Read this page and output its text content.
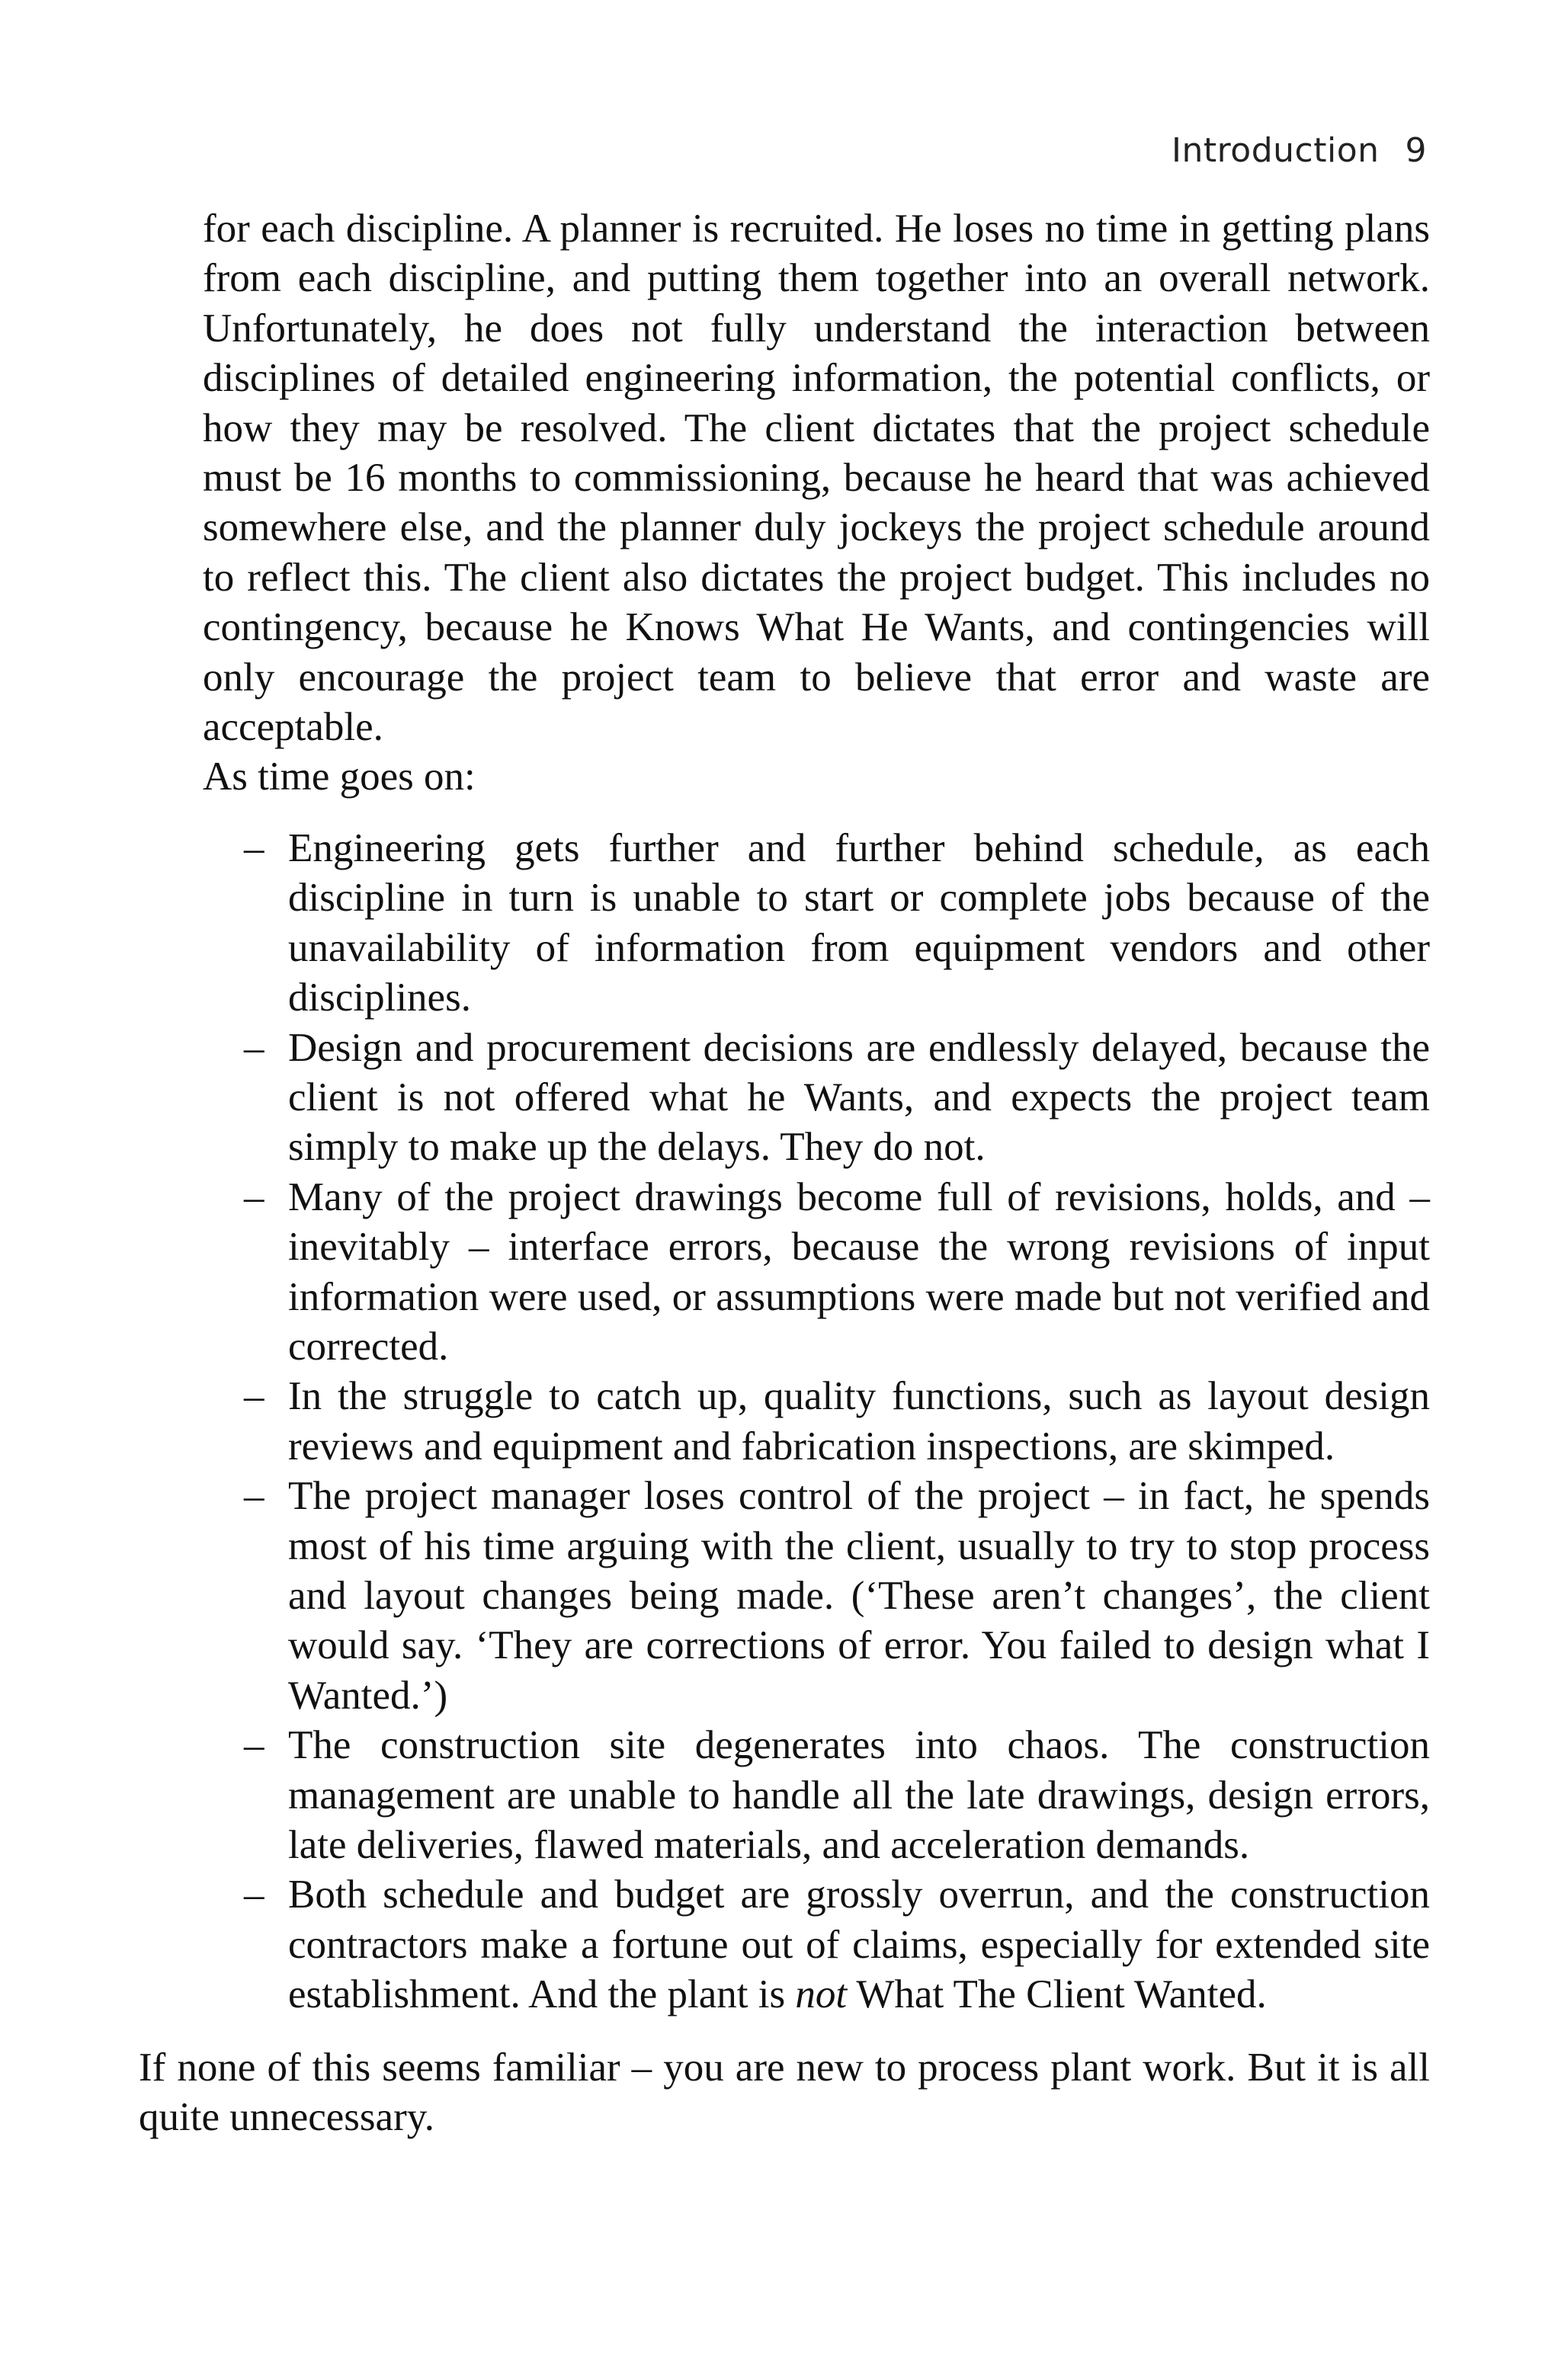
Introduction 9

for each discipline. A planner is recruited. He loses no time in getting plans from each discipline, and putting them together into an overall network. Unfortunately, he does not fully understand the interaction between disciplines of detailed engineering information, the potential conflicts, or how they may be resolved. The client dictates that the project schedule must be 16 months to commissioning, because he heard that was achieved somewhere else, and the planner duly jockeys the project schedule around to reflect this. The client also dictates the project budget. This includes no contingency, because he Knows What He Wants, and contingencies will only encourage the project team to believe that error and waste are acceptable.

As time goes on:

– Engineering gets further and further behind schedule, as each discipline in turn is unable to start or complete jobs because of the unavailability of information from equipment vendors and other disciplines.
– Design and procurement decisions are endlessly delayed, because the client is not offered what he Wants, and expects the project team simply to make up the delays. They do not.
– Many of the project drawings become full of revisions, holds, and – inevitably – interface errors, because the wrong revisions of input information were used, or assumptions were made but not verified and corrected.
– In the struggle to catch up, quality functions, such as layout design reviews and equipment and fabrication inspections, are skimped.
– The project manager loses control of the project – in fact, he spends most of his time arguing with the client, usually to try to stop process and layout changes being made. (‘These aren’t changes’, the client would say. ‘They are corrections of error. You failed to design what I Wanted.’)
– The construction site degenerates into chaos. The construction management are unable to handle all the late drawings, design errors, late deliveries, flawed materials, and acceleration demands.
– Both schedule and budget are grossly overrun, and the construction contractors make a fortune out of claims, especially for extended site establishment. And the plant is not What The Client Wanted.

If none of this seems familiar – you are new to process plant work. But it is all quite unnecessary.
